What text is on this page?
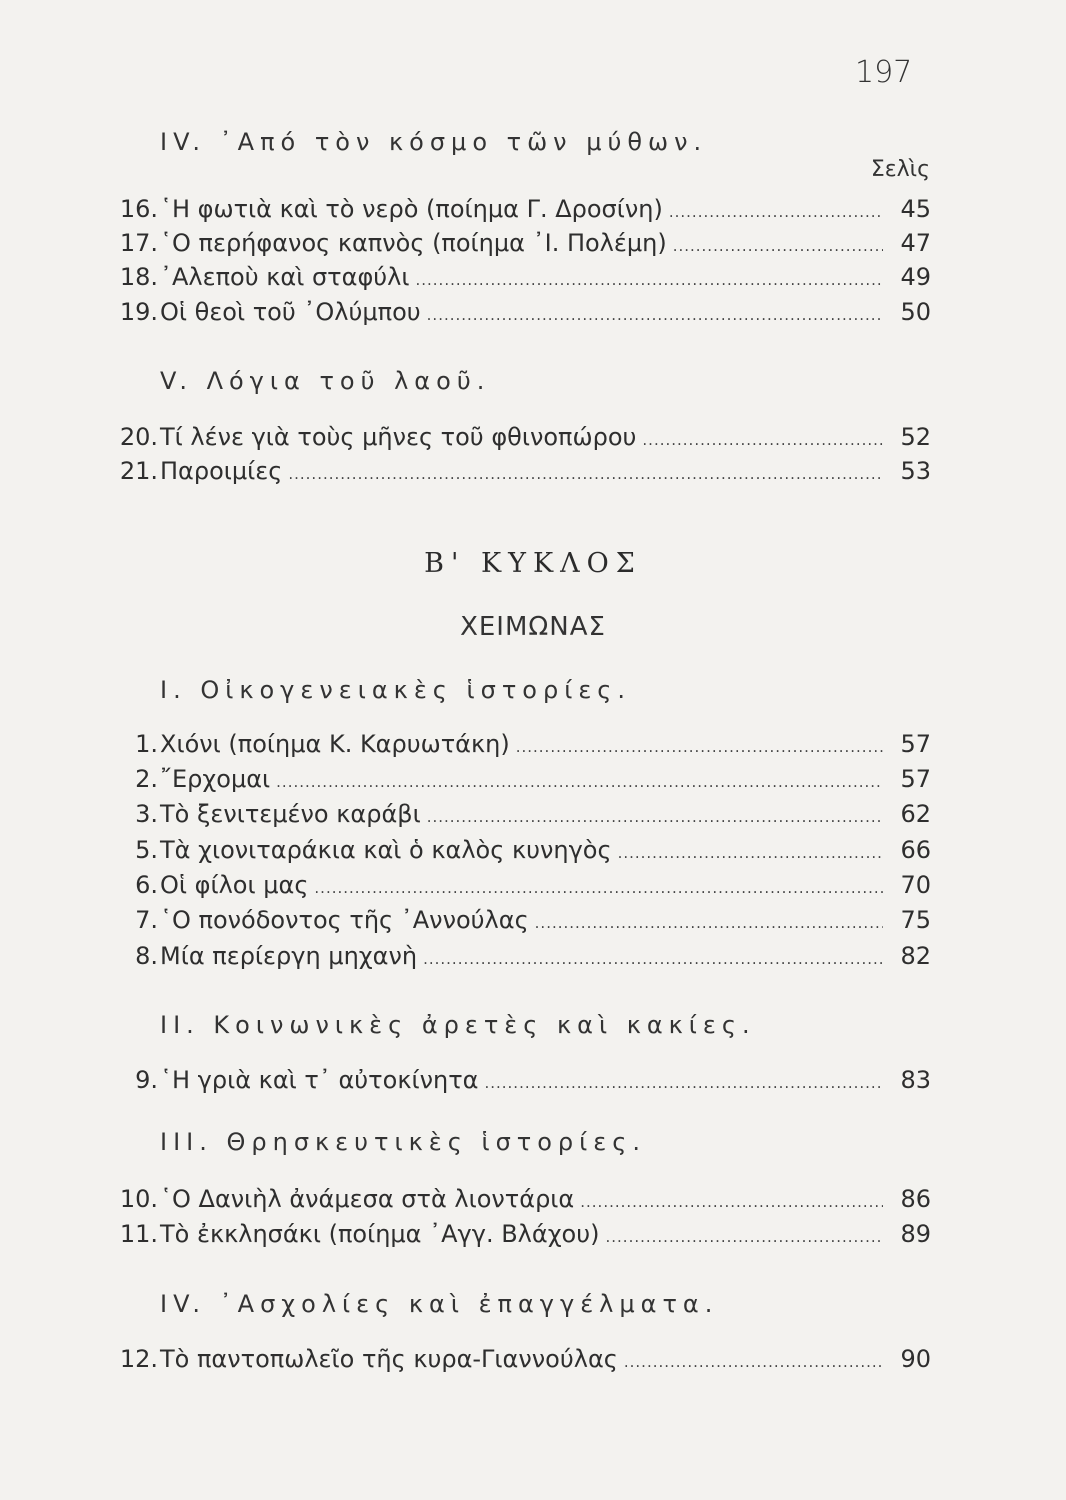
197
IV. ᾿Από τὸν κόσμο τῶν μύθων.
Σελὶς
16. ῾Η φωτιὰ καὶ τὸ νερὸ (ποίημα Γ. Δροσίνη) .....	45
17. ῾Ο περήφανος καπνὸς (ποίημα ᾿Ι. Πολέμη) .....	47
18. ᾿Αλεποὺ καὶ σταφύλι .....	49
19. Οἱ θεοὶ τοῦ ᾿Ολύμπου .....	50
V. Λόγια τοῦ λαοῦ.
20. Τί λένε γιὰ τοὺς μῆνες τοῦ φθινοπώρου .....	52
21. Παροιμίες .....	53
Β' ΚΥΚΛΟΣ
ΧΕΙΜΩΝΑΣ
I. Οἰκογενειακὲς ἱστορίες.
1. Χιόνι (ποίημα Κ. Καρυωτάκη) .....	57
2. ῎Ερχομαι .....	57
3. Τὸ ξενιτεμένο καράβι .....	62
5. Τὰ χιονιταράκια καὶ ὁ καλὸς κυνηγὸς .....	66
6. Οἱ φίλοι μας .....	70
7. ῾Ο πονόδοντος τῆς ᾿Αννούλας .....	75
8. Μία περίεργη μηχανὴ .....	82
II. Κοινωνικὲς ἀρετὲς καὶ κακίες.
9. ῾Η γριὰ καὶ τ᾿ αὐτοκίνητα .....	83
III. Θρησκευτικὲς ἱστορίες.
10. ῾Ο Δανιὴλ ἀνάμεσα στὰ λιοντάρια .....	86
11. Τὸ ἐκκλησάκι (ποίημα ᾿Αγγ. Βλάχου) .....	89
IV. ᾿Ασχολίες καὶ ἐπαγγέλματα.
12. Τὸ παντοπωλεῖο τῆς κυρα-Γιαννούλας .....	90
